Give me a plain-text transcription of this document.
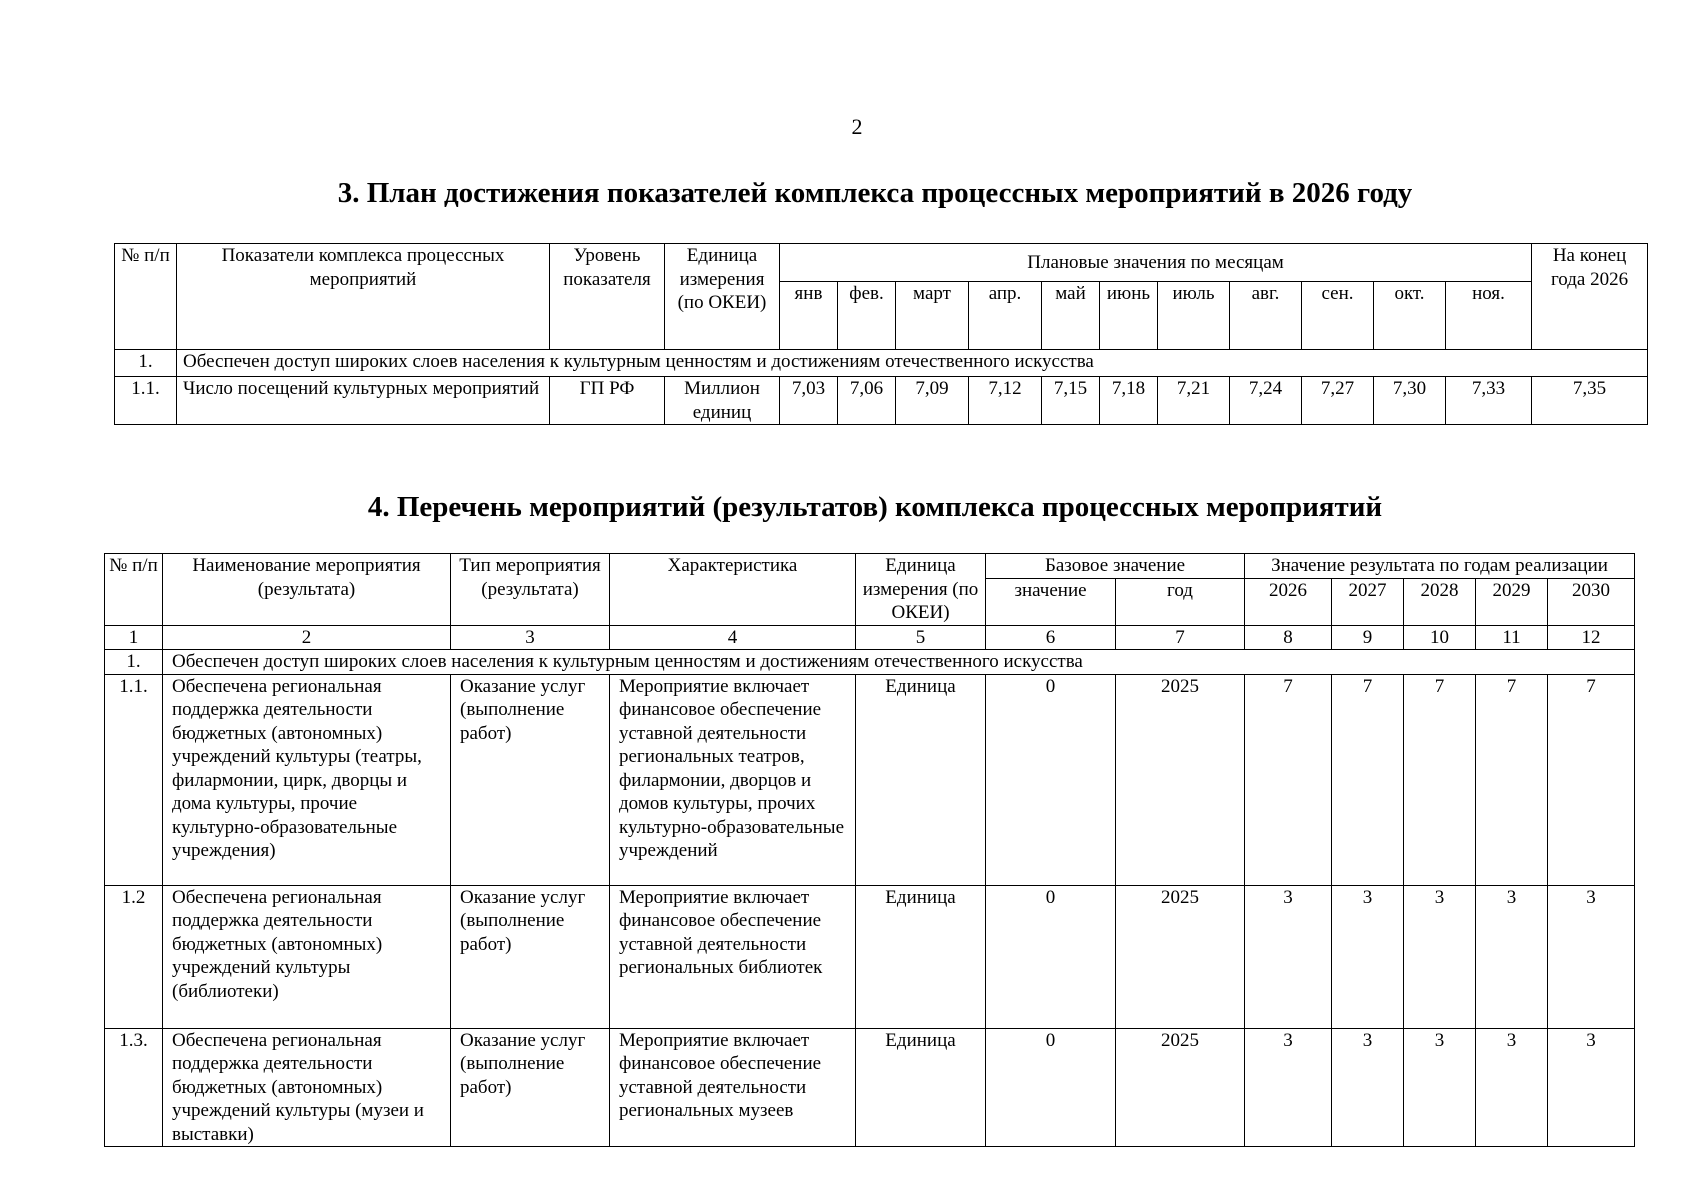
2
3. План достижения показателей комплекса процессных мероприятий в 2026 году
№ п/п	Показатели комплекса процессных мероприятий	Уровень показателя	Единица измерения (по ОКЕИ)	Плановые значения по месяцам											На конец года 2026
				янв	фев.	март	апр.	май	июнь	июль	авг.	сен.	окт.	ноя.	
1.	Обеспечен доступ широких слоев населения к культурным ценностям и достижениям отечественного искусства														
1.1.	Число посещений культурных мероприятий	ГП РФ	Миллион единиц	7,03	7,06	7,09	7,12	7,15	7,18	7,21	7,24	7,27	7,30	7,33	7,35
4. Перечень мероприятий (результатов) комплекса процессных мероприятий
№ п/п	Наименование мероприятия (результата)	Тип мероприятия (результата)	Характеристика	Единица измерения (по ОКЕИ)	Базовое значение		Значение результата по годам реализации				
					значение	год	2026	2027	2028	2029	2030
1	2	3	4	5	6	7	8	9	10	11	12
1.	Обеспечен доступ широких слоев населения к культурным ценностям и достижениям отечественного искусства										
1.1.	Обеспечена региональная поддержка деятельности бюджетных (автономных) учреждений культуры (театры, филармонии, цирк, дворцы и дома культуры, прочие культурно-образовательные учреждения)	Оказание услуг (выполнение работ)	Мероприятие включает финансовое обеспечение уставной деятельности региональных театров, филармонии, дворцов и домов культуры, прочих культурно-образовательные учреждений	Единица	0	2025	7	7	7	7	7
1.2	Обеспечена региональная поддержка деятельности бюджетных (автономных) учреждений культуры (библиотеки)	Оказание услуг (выполнение работ)	Мероприятие включает финансовое обеспечение уставной деятельности региональных библиотек	Единица	0	2025	3	3	3	3	3
1.3.	Обеспечена региональная поддержка деятельности бюджетных (автономных) учреждений культуры (музеи и выставки)	Оказание услуг (выполнение работ)	Мероприятие включает финансовое обеспечение уставной деятельности региональных музеев	Единица	0	2025	3	3	3	3	3
